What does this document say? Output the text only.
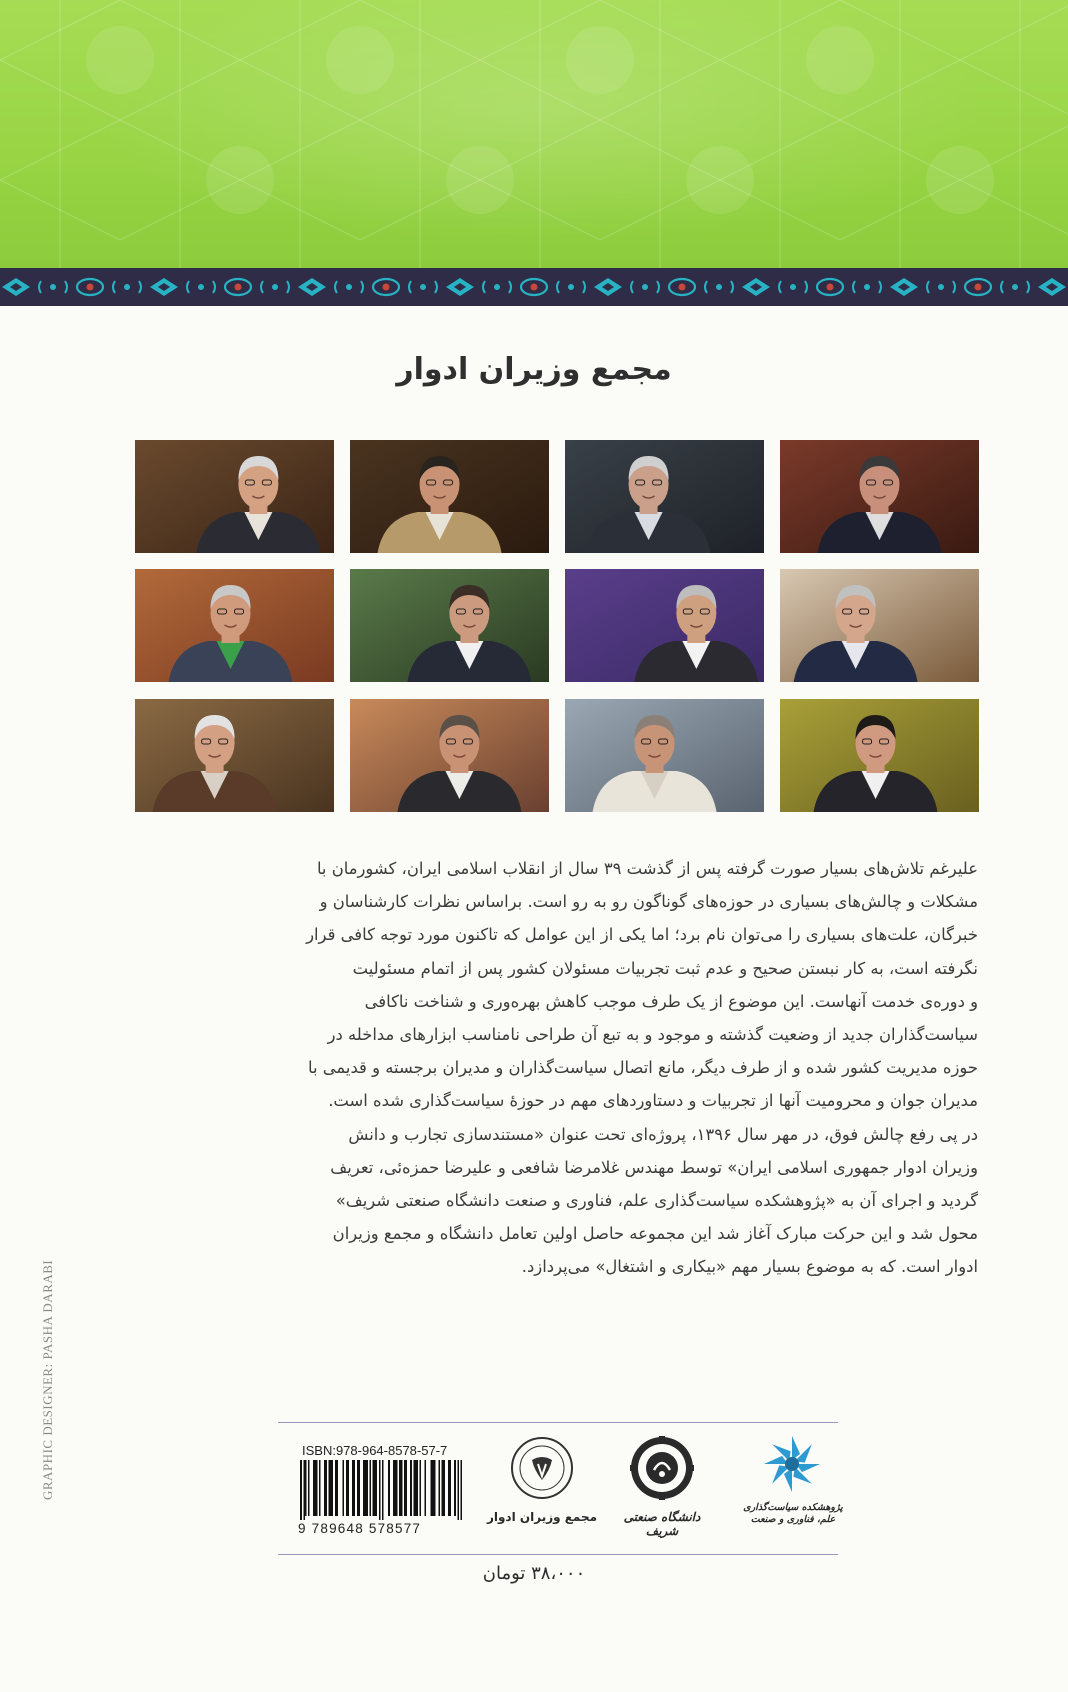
مجمع وزیران ادوار
علیرغم تلاش‌های بسیار صورت گرفته پس از گذشت ۳۹ سال از انقلاب اسلامی ایران، کشورمان با
مشکلات و چالش‌های بسیاری در حوزه‌های گوناگون رو به رو است. براساس نظرات کارشناسان و
خبرگان، علت‌های بسیاری را می‌توان نام برد؛ اما یکی از این عوامل که تاکنون مورد توجه کافی قرار
نگرفته است، به کار نبستن صحیح و عدم ثبت تجربیات مسئولان کشور پس از اتمام مسئولیت
و دوره‌ی خدمت آنهاست. این موضوع از یک طرف موجب کاهش بهره‌وری و شناخت ناکافی
سیاست‌گذاران جدید از وضعیت گذشته و موجود و به تبع آن طراحی نامناسب ابزارهای مداخله در
حوزه مدیریت کشور شده و از طرف دیگر، مانع اتصال سیاست‌گذاران و مدیران برجسته و قدیمی با
مدیران جوان و محرومیت آنها از تجربیات و دستاوردهای مهم در حوزهٔ سیاست‌گذاری شده است.
در پی رفع چالش فوق، در مهر سال ۱۳۹۶، پروژه‌ای تحت عنوان «مستندسازی تجارب و دانش
وزیران ادوار جمهوری اسلامی ایران» توسط مهندس غلامرضا شافعی و علیرضا حمزه‌ئی، تعریف
گردید و اجرای آن به «پژوهشکده سیاست‌گذاری علم، فناوری و صنعت دانشگاه صنعتی شریف»
محول شد و این حرکت مبارک آغاز شد این مجموعه حاصل اولین تعامل دانشگاه و مجمع وزیران
ادوار است. که به موضوع بسیار مهم «بیکاری و اشتغال» می‌پردازد.
ISBN:978-964-8578-57-7
9 789648 578577
مجمع وزیران ادوار	دانشگاه صنعتی شریف
پژوهشکده سیاست‌گذاری علم، فناوری و صنعت
۳۸،۰۰۰ تومان
GRAPHIC DESIGNER: PASHA DARABI
